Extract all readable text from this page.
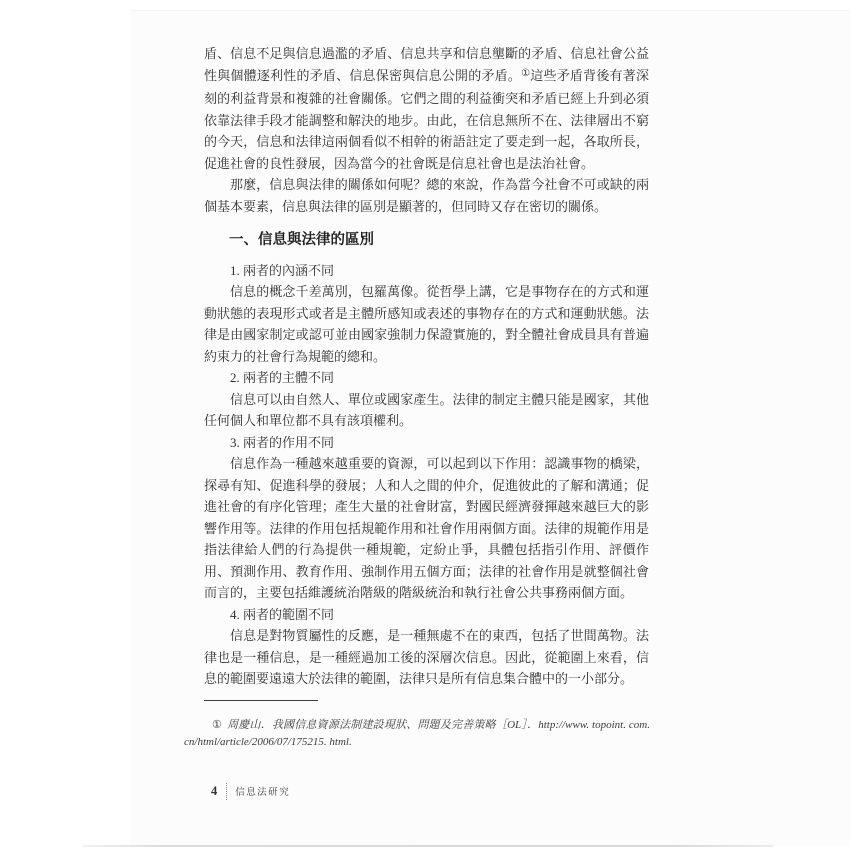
盾、信息不足與信息過濫的矛盾、信息共享和信息壟斷的矛盾、信息社會公益性與個體逐利性的矛盾、信息保密與信息公開的矛盾。①這些矛盾背後有著深刻的利益背景和複雜的社會關係。它們之間的利益衝突和矛盾已經上升到必須依靠法律手段才能調整和解決的地步。由此，在信息無所不在、法律層出不窮的今天，信息和法律這兩個看似不相幹的術語註定了要走到一起，各取所長，促進社會的良性發展，因為當今的社會既是信息社會也是法治社會。

那麼，信息與法律的關係如何呢？總的來說，作為當今社會不可或缺的兩個基本要素，信息與法律的區別是顯著的，但同時又存在密切的關係。

一、信息與法律的區別

1. 兩者的內涵不同

信息的概念千差萬別，包羅萬像。從哲學上講，它是事物存在的方式和運動狀態的表現形式或者是主體所感知或表述的事物存在的方式和運動狀態。法律是由國家制定或認可並由國家強制力保證實施的，對全體社會成員具有普遍約束力的社會行為規範的總和。

2. 兩者的主體不同

信息可以由自然人、單位或國家產生。法律的制定主體只能是國家，其他任何個人和單位都不具有該項權利。

3. 兩者的作用不同

信息作為一種越來越重要的資源，可以起到以下作用：認識事物的橋梁，探尋有知、促進科學的發展；人和人之間的仲介，促進彼此的了解和溝通；促進社會的有序化管理；產生大量的社會財富，對國民經濟發揮越來越巨大的影響作用等。法律的作用包括規範作用和社會作用兩個方面。法律的規範作用是指法律給人們的行為提供一種規範，定紛止爭，具體包括指引作用、評價作用、預測作用、教育作用、強制作用五個方面；法律的社會作用是就整個社會而言的，主要包括維護統治階級的階級統治和執行社會公共事務兩個方面。

4. 兩者的範圍不同

信息是對物質屬性的反應，是一種無處不在的東西，包括了世間萬物。法律也是一種信息，是一種經過加工後的深層次信息。因此，從範圍上來看，信息的範圍要遠遠大於法律的範圍，法律只是所有信息集合體中的一小部分。

① 周慶山．我國信息資源法制建設現狀、問題及完善策略［OL］．http://www. topoint. com. cn/html/article/2006/07/175215. html.

4 信息法研究
